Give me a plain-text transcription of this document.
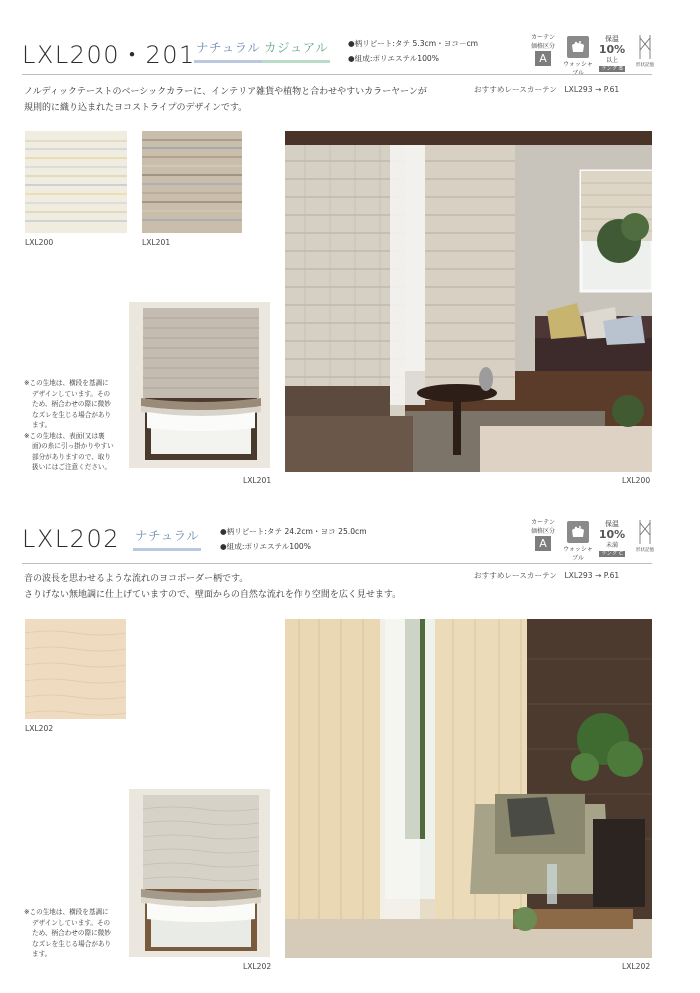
LXL200・201 ナチュラル カジュアル	●柄リピート:タテ 5.3cm・ヨコ－cm
●組成:ポリエステル100%
カーテン
価格区分
A	ウォッシャ
保温
10%
以上
ランク B
形状記憶
ノルディックテーストのベーシックカラーに、インテリア雑貨や植物と合わせやすいカラーヤーンが
規則的に織り込まれたヨコストライプのデザインです。
おすすめレースカーテン　LXL293 → P.61
LXL200	LXL201
LXL201
※この生地は、横段を基調に
デザインしています。その
ため、柄合わせの際に微妙
なズレを生じる場合があり
ます。
※この生地は、表面(又は裏
面)の糸に引っ掛かりやすい
部分がありますので、取り
扱いにはご注意ください。
LXL200
LXL202 ナチュラル	●柄リピート:タテ 24.2cm・ヨコ 25.0cm
●組成:ポリエステル100%
カーテン
価格区分
A	ウォッシャブル
保温
10%
未満
ランク C
形状記憶
音の波長を思わせるような流れのヨコボーダー柄です。
さりげない無地調に仕上げていますので、壁面からの自然な流れを作り空間を広く見せます。
おすすめレースカーテン　LXL293 → P.61
LXL202
LXL202
※この生地は、横段を基調に
デザインしています。その
ため、柄合わせの際に微妙
なズレを生じる場合があり
ます。
LXL202
